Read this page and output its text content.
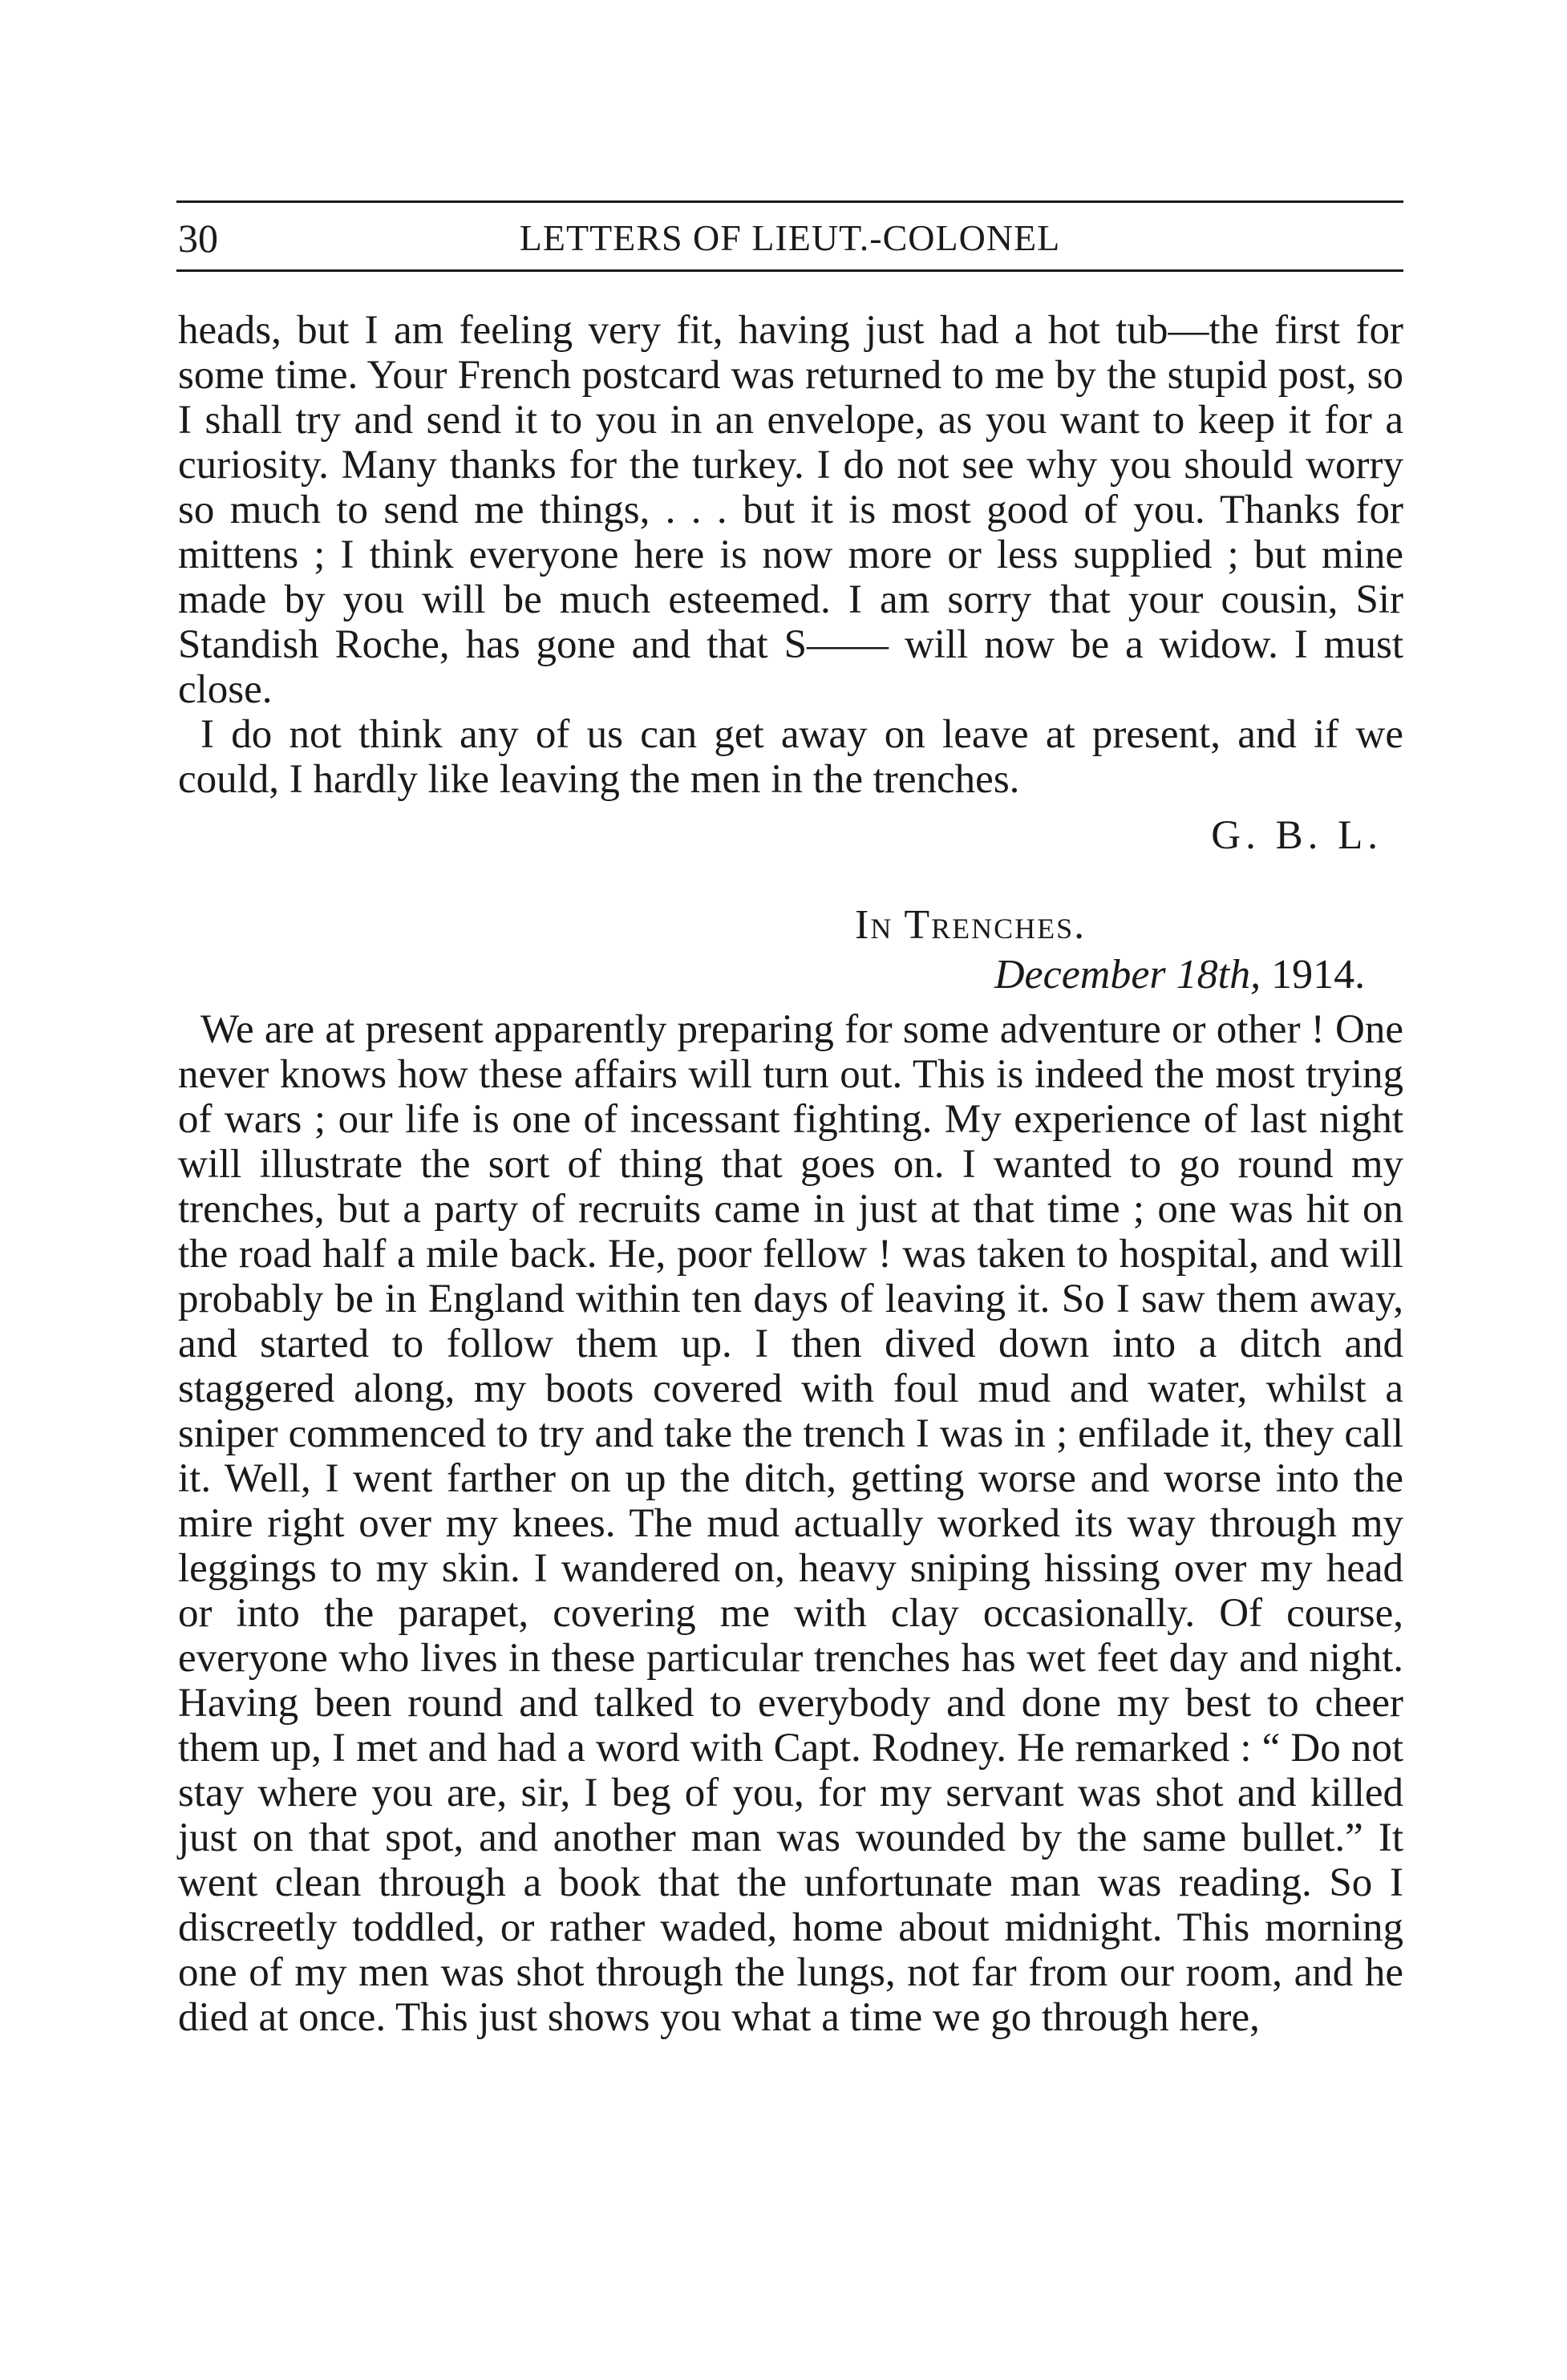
30	LETTERS OF LIEUT.-COLONEL

heads, but I am feeling very fit, having just had a hot tub—the first for some time. Your French postcard was returned to me by the stupid post, so I shall try and send it to you in an envelope, as you want to keep it for a curiosity. Many thanks for the turkey. I do not see why you should worry so much to send me things, . . . but it is most good of you. Thanks for mittens ; I think everyone here is now more or less supplied ; but mine made by you will be much esteemed. I am sorry that your cousin, Sir Standish Roche, has gone and that S—— will now be a widow. I must close.

I do not think any of us can get away on leave at present, and if we could, I hardly like leaving the men in the trenches.

G. B. L.
In Trenches.
December 18th, 1914.

We are at present apparently preparing for some adventure or other ! One never knows how these affairs will turn out. This is indeed the most trying of wars ; our life is one of incessant fighting. My experience of last night will illustrate the sort of thing that goes on. I wanted to go round my trenches, but a party of recruits came in just at that time ; one was hit on the road half a mile back. He, poor fellow ! was taken to hospital, and will probably be in England within ten days of leaving it. So I saw them away, and started to follow them up. I then dived down into a ditch and staggered along, my boots covered with foul mud and water, whilst a sniper commenced to try and take the trench I was in ; enfilade it, they call it. Well, I went farther on up the ditch, getting worse and worse into the mire right over my knees. The mud actually worked its way through my leggings to my skin. I wandered on, heavy sniping hissing over my head or into the parapet, covering me with clay occasionally. Of course, everyone who lives in these particular trenches has wet feet day and night. Having been round and talked to everybody and done my best to cheer them up, I met and had a word with Capt. Rodney. He remarked : “ Do not stay where you are, sir, I beg of you, for my servant was shot and killed just on that spot, and another man was wounded by the same bullet.” It went clean through a book that the unfortunate man was reading. So I discreetly toddled, or rather waded, home about midnight. This morning one of my men was shot through the lungs, not far from our room, and he died at once. This just shows you what a time we go through here,
